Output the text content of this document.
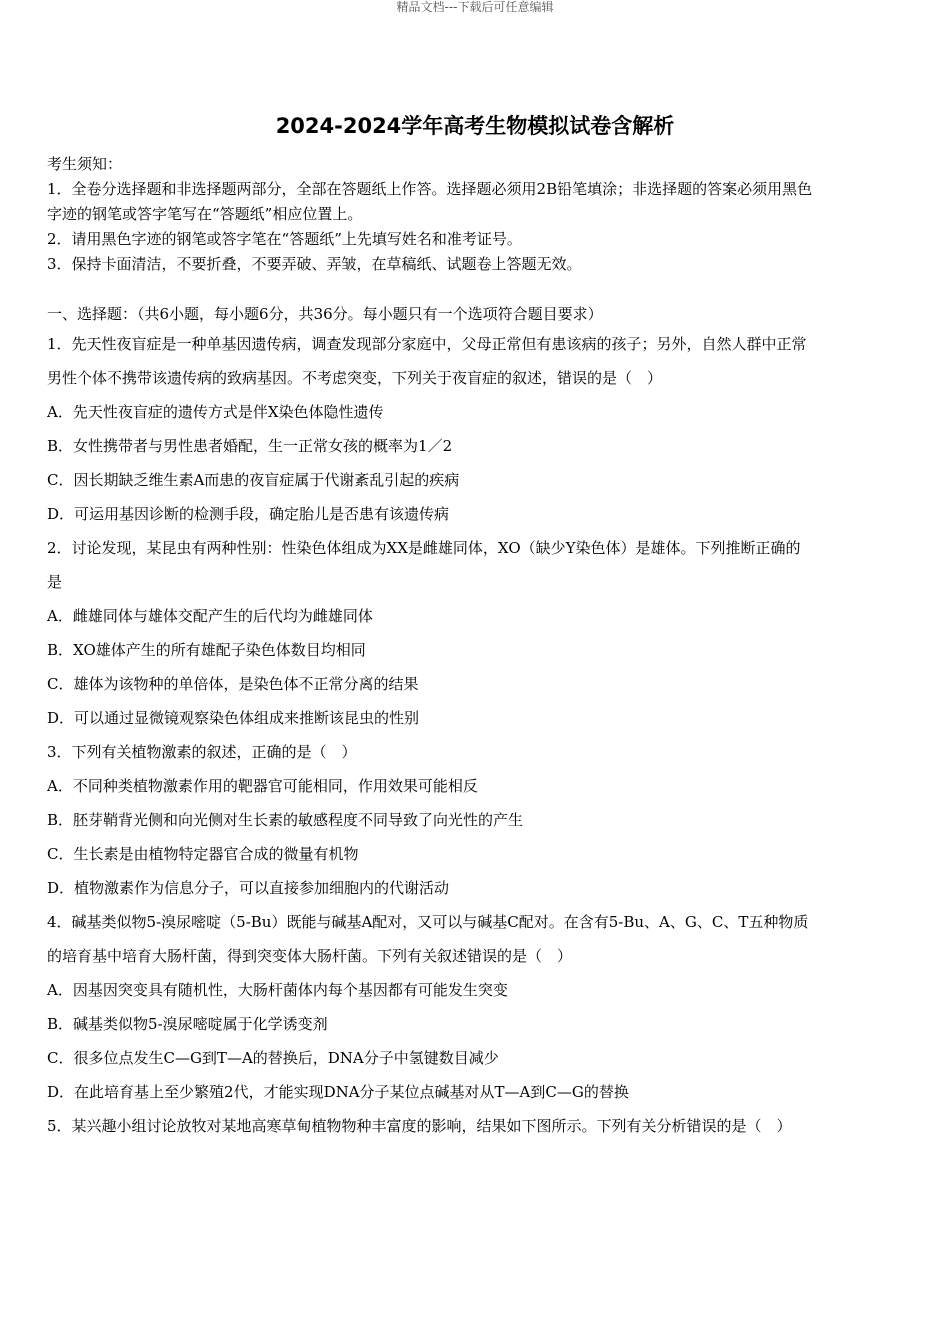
精品文档---下载后可任意编辑
2024-2024学年高考生物模拟试卷含解析
考生须知：
1．全卷分选择题和非选择题两部分，全部在答题纸上作答。选择题必须用2B铅笔填涂；非选择题的答案必须用黑色
字迹的钢笔或答字笔写在“答题纸”相应位置上。
2．请用黑色字迹的钢笔或答字笔在“答题纸”上先填写姓名和准考证号。
3．保持卡面清洁，不要折叠，不要弄破、弄皱，在草稿纸、试题卷上答题无效。
一、选择题：（共6小题，每小题6分，共36分。每小题只有一个选项符合题目要求）
1．先天性夜盲症是一种单基因遗传病，调查发现部分家庭中，父母正常但有患该病的孩子；另外，自然人群中正常
男性个体不携带该遗传病的致病基因。不考虑突变，下列关于夜盲症的叙述，错误的是（　）
A．先天性夜盲症的遗传方式是伴X染色体隐性遗传
B．女性携带者与男性患者婚配，生一正常女孩的概率为1／2
C．因长期缺乏维生素A而患的夜盲症属于代谢紊乱引起的疾病
D．可运用基因诊断的检测手段，确定胎儿是否患有该遗传病
2．讨论发现，某昆虫有两种性别：性染色体组成为XX是雌雄同体，XO（缺少Y染色体）是雄体。下列推断正确的
是
A．雌雄同体与雄体交配产生的后代均为雌雄同体
B．XO雄体产生的所有雄配子染色体数目均相同
C．雄体为该物种的单倍体，是染色体不正常分离的结果
D．可以通过显微镜观察染色体组成来推断该昆虫的性别
3．下列有关植物激素的叙述，正确的是（　）
A．不同种类植物激素作用的靶器官可能相同，作用效果可能相反
B．胚芽鞘背光侧和向光侧对生长素的敏感程度不同导致了向光性的产生
C．生长素是由植物特定器官合成的微量有机物
D．植物激素作为信息分子，可以直接参加细胞内的代谢活动
4．碱基类似物5-溴尿嘧啶（5-Bu）既能与碱基A配对，又可以与碱基C配对。在含有5-Bu、A、G、C、T五种物质
的培育基中培育大肠杆菌，得到突变体大肠杆菌。下列有关叙述错误的是（　）
A．因基因突变具有随机性，大肠杆菌体内每个基因都有可能发生突变
B．碱基类似物5-溴尿嘧啶属于化学诱变剂
C．很多位点发生C—G到T—A的替换后，DNA分子中氢键数目减少
D．在此培育基上至少繁殖2代，才能实现DNA分子某位点碱基对从T—A到C—G的替换
5．某兴趣小组讨论放牧对某地高寒草甸植物物种丰富度的影响，结果如下图所示。下列有关分析错误的是（　）
